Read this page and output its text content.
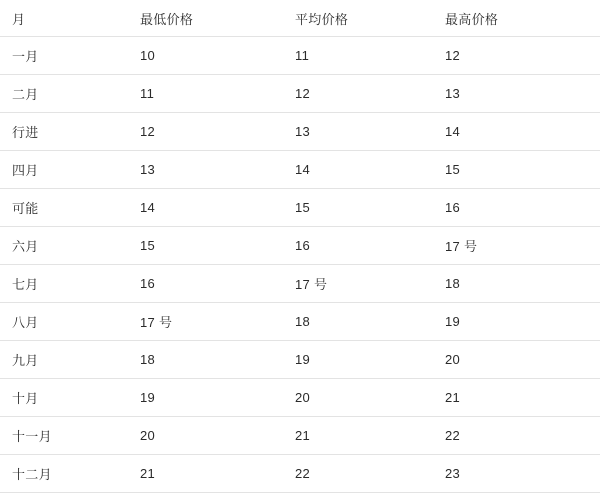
月	最低价格	平均价格	最高价格
一月	10	11	12
二月	11	12	13
行进	12	13	14
四月	13	14	15
可能	14	15	16
六月	15	16	17 号
七月	16	17 号	18
八月	17 号	18	19
九月	18	19	20
十月	19	20	21
十一月	20	21	22
十二月	21	22	23
